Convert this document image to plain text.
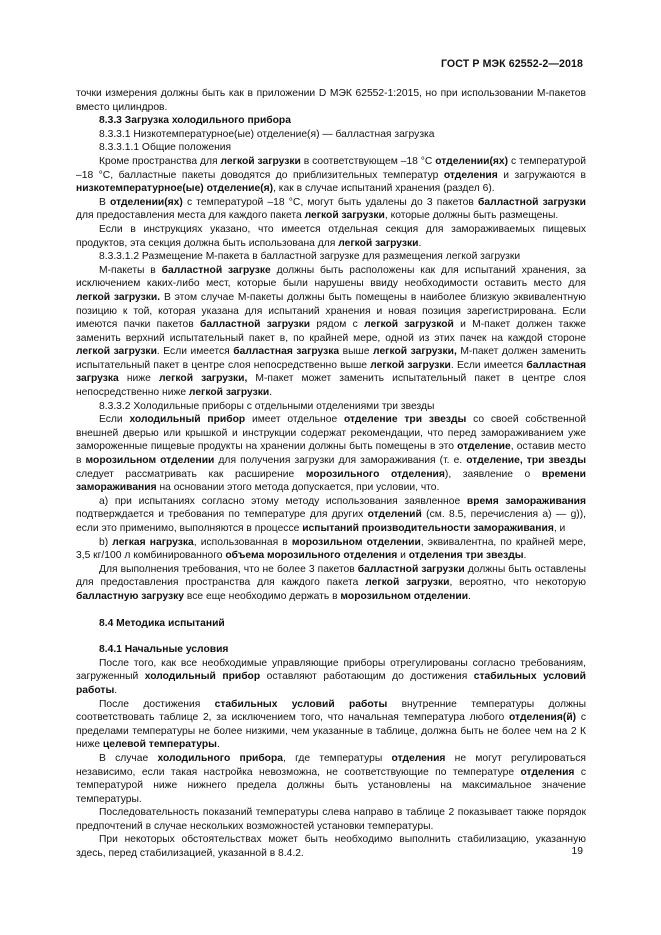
ГОСТ Р МЭК 62552-2—2018

точки измерения должны быть как в приложении D МЭК 62552-1:2015, но при использовании М-пакетов вместо цилиндров.

8.3.3 Загрузка холодильного прибора

8.3.3.1 Низкотемпературное(ые) отделение(я) — балластная загрузка

8.3.3.1.1 Общие положения

Кроме пространства для легкой загрузки в соответствующем –18 °С отделении(ях) с температурой –18 °С, балластные пакеты доводятся до приблизительных температур отделения и загружаются в низкотемпературное(ые) отделение(я), как в случае испытаний хранения (раздел 6).

В отделении(ях) с температурой –18 °С, могут быть удалены до 3 пакетов балластной загрузки для предоставления места для каждого пакета легкой загрузки, которые должны быть размещены.

Если в инструкциях указано, что имеется отдельная секция для замораживаемых пищевых продуктов, эта секция должна быть использована для легкой загрузки.

8.3.3.1.2 Размещение М-пакета в балластной загрузке для размещения легкой загрузки

М-пакеты в балластной загрузке должны быть расположены как для испытаний хранения, за исключением каких-либо мест, которые были нарушены ввиду необходимости оставить место для легкой загрузки. В этом случае М-пакеты должны быть помещены в наиболее близкую эквивалентную позицию к той, которая указана для испытаний хранения и новая позиция зарегистрирована. Если имеются пачки пакетов балластной загрузки рядом с легкой загрузкой и М-пакет должен также заменить верхний испытательный пакет в, по крайней мере, одной из этих пачек на каждой стороне легкой загрузки. Если имеется балластная загрузка выше легкой загрузки, М-пакет должен заменить испытательный пакет в центре слоя непосредственно выше легкой загрузки. Если имеется балластная загрузка ниже легкой загрузки, М-пакет может заменить испытательный пакет в центре слоя непосредственно ниже легкой загрузки.

8.3.3.2 Холодильные приборы с отдельными отделениями три звезды

Если холодильный прибор имеет отдельное отделение три звезды со своей собственной внешней дверью или крышкой и инструкции содержат рекомендации, что перед замораживанием уже замороженные пищевые продукты на хранении должны быть помещены в это отделение, оставив место в морозильном отделении для получения загрузки для замораживания (т. е. отделение, три звезды следует рассматривать как расширение морозильного отделения), заявление о времени замораживания на основании этого метода допускается, при условии, что.

а) при испытаниях согласно этому методу использования заявленное время замораживания подтверждается и требования по температуре для других отделений (см. 8.5, перечисления а) — g)), если это применимо, выполняются в процессе испытаний производительности замораживания, и

b) легкая нагрузка, использованная в морозильном отделении, эквивалентна, по крайней мере, 3,5 кг/100 л комбинированного объема морозильного отделения и отделения три звезды.

Для выполнения требования, что не более 3 пакетов балластной загрузки должны быть оставлены для предоставления пространства для каждого пакета легкой загрузки, вероятно, что некоторую балластную загрузку все еще необходимо держать в морозильном отделении.

8.4 Методика испытаний

8.4.1 Начальные условия

После того, как все необходимые управляющие приборы отрегулированы согласно требованиям, загруженный холодильный прибор оставляют работающим до достижения стабильных условий работы.

После достижения стабильных условий работы внутренние температуры должны соответствовать таблице 2, за исключением того, что начальная температура любого отделения(й) с пределами температуры не более низкими, чем указанные в таблице, должна быть не более чем на 2 К ниже целевой температуры.

В случае холодильного прибора, где температуры отделения не могут регулироваться независимо, если такая настройка невозможна, не соответствующие по температуре отделения с температурой ниже нижнего предела должны быть установлены на максимальное значение температуры.

Последовательность показаний температуры слева направо в таблице 2 показывает также порядок предпочтений в случае нескольких возможностей установки температуры.

При некоторых обстоятельствах может быть необходимо выполнить стабилизацию, указанную здесь, перед стабилизацией, указанной в 8.4.2.	19
